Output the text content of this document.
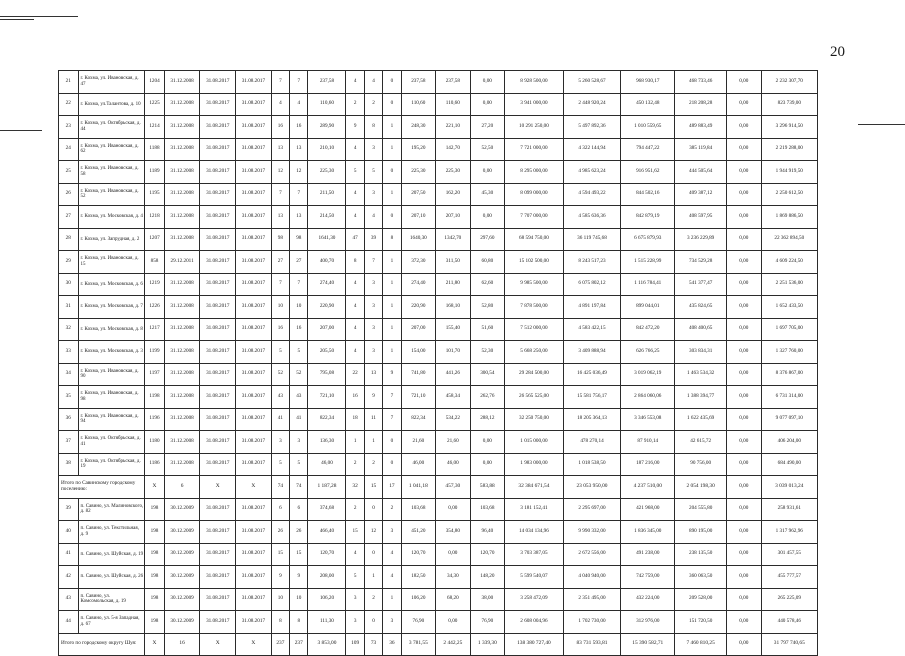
20
21	г. Кохма, ул. Ивановская, д. 47	1204	31.12.2008	31.08.2017	31.08.2017	7	7	237,58	4	4	0	237,58	237,58	0,00	8 928 500,00	5 260 528,67	968 930,17	468 733,46	0,00	2 232 307,70
22	г. Кохма, ул.Талантова, д. 10	1225	31.12.2008	31.08.2017	31.08.2017	4	4	110,60	2	2	0	110,60	110,60	0,00	3 941 000,00	2 448 920,24	450 132,48	218 208,28	0,00	823 739,00
23	г. Кохма, ул. Октябрьская, д. 44	1214	31.12.2008	31.08.2017	31.08.2017	16	16	289,90	9	8	1	248,30	221,10	27,20	10 291 250,00	5 497 892,36	1 010 559,65	489 883,49	0,00	3 296 914,50
24	г. Кохма, ул. Ивановская, д. 62	1188	31.12.2008	31.08.2017	31.08.2017	13	13	210,10	4	3	1	195,20	142,70	52,50	7 721 000,00	4 322 144,94	794 447,22	385 119,84	0,00	2 219 288,00
25	г. Кохма, ул. Ивановская, д. 58	1189	31.12.2008	31.08.2017	31.08.2017	12	12	225,30	5	5	0	225,30	225,30	0,00	8 295 000,00	4 985 623,24	916 951,62	444 505,64	0,00	1 944 919,50
26	г. Кохма, ул. Ивановская, д. 52	1195	31.12.2008	31.08.2017	31.08.2017	7	7	211,50	4	3	1	207,50	162,20	45,30	8 099 000,00	4 594 493,22	844 502,16	409 387,12	0,00	2 250 612,50
27	г. Кохма, ул. Московская, д. 4	1218	31.12.2008	31.08.2017	31.08.2017	13	13	214,50	4	4	0	207,10	207,10	0,00	7 707 000,00	4 585 636,36	842 879,19	408 597,95	0,00	1 869 886,50
28	г. Кохма, ул. Запрудная, д. 2	1207	31.12.2008	31.08.2017	31.08.2017	98	98	1641,30	47	39	8	1640,30	1342,70	297,60	68 594 750,00	36 119 745,68	6 675 879,93	3 236 229,89	0,00	22 362 894,50
29	г. Кохма, ул. Ивановская, д. 15	858	29.12.2011	31.08.2017	31.08.2017	27	27	400,70	8	7	1	372,30	311,50	60,80	15 102 500,00	8 243 517,23	1 515 228,99	734 529,28	0,00	4 609 224,50
30	г. Кохма, ул. Московская, д. 6	1219	31.12.2008	31.08.2017	31.08.2017	7	7	274,40	4	3	1	274,40	211,80	62,60	9 985 500,00	6 075 802,12	1 116 784,41	541 377,47	0,00	2 251 536,00
31	г. Кохма, ул. Московская, д. 7	1226	31.12.2008	31.08.2017	31.08.2017	10	10	220,90	4	3	1	220,90	168,10	52,80	7 878 500,00	4 891 197,84	899 044,01	435 824,65	0,00	1 652 433,50
32	г. Кохма, ул. Московская, д. 8	1217	31.12.2008	31.08.2017	31.08.2017	16	16	207,00	4	3	1	207,00	155,40	51,60	7 512 000,00	4 583 422,15	842 472,20	408 400,65	0,00	1 697 705,00
33	г. Кохма, ул. Московская, д. 3	1199	31.12.2008	31.08.2017	31.08.2017	5	5	205,50	4	3	1	154,00	101,70	52,30	5 668 250,00	3 409 888,94	626 766,25	303 834,31	0,00	1 327 760,00
34	г. Кохма, ул. Ивановская, д. 90	1197	31.12.2008	31.08.2017	31.08.2017	52	52	795,08	22	13	9	741,80	441,26	300,54	29 284 500,00	16 425 036,49	3 019 062,19	1 463 534,32	0,00	8 376 867,00
35	г. Кохма, ул. Ивановская, д. 98	1198	31.12.2008	31.08.2017	31.08.2017	43	43	721,10	16	9	7	721,10	458,34	262,76	26 565 525,00	15 581 756,17	2 864 060,06	1 388 394,77	0,00	6 731 314,00
36	г. Кохма, ул. Ивановская, д. 94	1196	31.12.2008	31.08.2017	31.08.2017	41	41	822,34	18	11	7	822,34	534,22	288,12	32 250 750,00	18 205 364,13	3 346 553,08	1 622 435,69	0,00	9 077 097,10
37	г. Кохма, ул. Октябрьская, д. 41	1180	31.12.2008	31.08.2017	31.08.2017	3	3	136,30	1	1	0	21,60	21,60	0,00	1 015 000,00	478 270,14	87 910,14	42 615,72	0,00	406 204,00
38	г. Кохма, ул. Октябрьская, д. 19	1186	31.12.2008	31.08.2017	31.08.2017	5	5	46,00	2	2	0	46,00	46,00	0,00	1 983 000,00	1 018 538,50	187 216,00	90 756,00	0,00	684 490,00
Итого по Савинскому городскому поселению:		X	6	X	X	74	74	1 187,28	32	15	17	1 041,18	457,30	583,88	32 384 671,54	23 053 950,00	4 237 510,00	2 054 198,30	0,00	3 039 013,24
39	п. Савино, ул. Малиновского, д. 82	198	30.12.2009	31.08.2017	31.08.2017	6	6	374,68	2	0	2	103,68	0,00	103,68	3 181 152,41	2 295 697,00	421 968,00	204 555,80	0,00	258 931,61
40	п. Савино, ул. Текстильная, д. 9	198	30.12.2009	31.08.2017	31.08.2017	26	26	466,40	15	12	3	451,20	354,80	96,40	14 034 134,96	9 990 332,00	1 836 345,00	890 195,00	0,00	1 317 962,96
41	п. Савино, ул. Шуйская, д. 19	198	30.12.2009	31.08.2017	31.08.2017	15	15	120,70	4	0	4	120,70	0,00	120,70	3 703 387,05	2 672 556,00	491 238,00	238 135,50	0,00	301 457,55
42	п. Савино, ул. Шуйская, д. 26	198	30.12.2009	31.08.2017	31.08.2017	9	9	208,00	5	1	4	182,50	34,30	148,20	5 599 540,07	4 040 940,00	742 759,00	360 063,50	0,00	455 777,57
43	п. Савино, ул. Комсомольская, д. 19	198	30.12.2009	31.08.2017	31.08.2017	10	10	106,20	3	2	1	106,20	68,20	38,00	3 258 472,09	2 351 495,00	432 224,00	209 528,00	0,00	265 225,09
44	п. Савино, ул. 5-я Западная, д. 67	198	30.12.2009	31.08.2017	31.08.2017	8	8	111,30	3	0	3	76,90	0,00	76,90	2 608 004,96	1 702 730,00	312 976,00	151 720,50	0,00	440 578,46
Итого по городскому округу Шуя:		X	16	X	X	237	237	3 853,00	109	73	36	3 781,55	2 442,25	1 339,30	138 380 727,40	83 731 593,81	15 390 582,71	7 460 810,25	0,00	31 797 740,65
